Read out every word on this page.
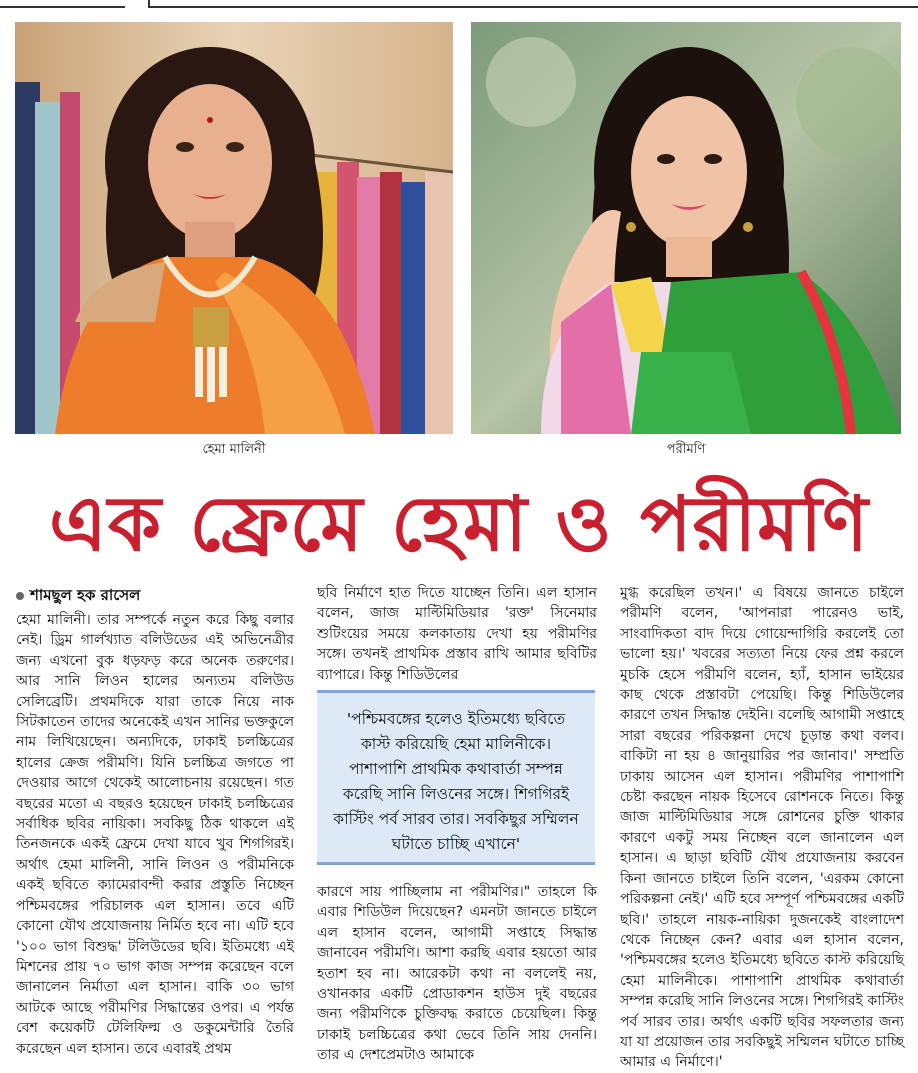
হেমা মালিনী	পরীমণি
এক ফ্রেমে হেমা ও পরীমণি
শামছুল হক রাসেল
হেমা মালিনী। তার সম্পর্কে নতুন করে কিছু বলার নেই। ড্রিম গার্লখ্যাত বলিউডের এই অভিনেত্রীর জন্য এখনো বুক ধড়ফড় করে অনেক তরুণের। আর সানি লিওন হালের অন্যতম বলিউড সেলিব্রেটি। প্রথমদিকে যারা তাকে নিয়ে নাক সিটকাতেন তাদের অনেকেই এখন সানির ভক্তকুলে নাম লিখিয়েছেন। অন্যদিকে, ঢাকাই চলচ্চিত্রের হালের ক্রেজ পরীমণি। যিনি চলচ্চিত্র জগতে পা দেওয়ার আগে থেকেই আলোচনায় রয়েছেন। গত বছরের মতো এ বছরও হয়েছেন ঢাকাই চলচ্চিত্রের সর্বাধিক ছবির নায়িকা। সবকিছু ঠিক থাকলে এই তিনজনকে একই ফ্রেমে দেখা যাবে খুব শিগগিরই। অর্থাৎ হেমা মালিনী, সানি লিওন ও পরীমনিকে একই ছবিতে ক্যামেরাবন্দী করার প্রস্তুতি নিচ্ছেন পশ্চিমবঙ্গের পরিচালক এল হাসান। তবে এটি কোনো যৌথ প্রযোজনায় নির্মিত হবে না। এটি হবে '১০০ ভাগ বিশুদ্ধ' টলিউডের ছবি। ইতিমধ্যে এই মিশনের প্রায় ৭০ ভাগ কাজ সম্পন্ন করেছেন বলে জানালেন নির্মাতা এল হাসান। বাকি ৩০ ভাগ আটকে আছে পরীমণির সিদ্ধান্তের ওপর। এ পর্যন্ত বেশ কয়েকটি টেলিফিল্ম ও ডকুমেন্টারি তৈরি করেছেন এল হাসান। তবে এবারই প্রথম
ছবি নির্মাণে হাত দিতে যাচ্ছেন তিনি। এল হাসান বলেন, জাজ মাল্টিমিডিয়ার 'রক্ত' সিনেমার শুটিংয়ের সময়ে কলকাতায় দেখা হয় পরীমণির সঙ্গে। তখনই প্রাথমিক প্রস্তাব রাখি আমার ছবিটির ব্যাপারে। কিন্তু শিডিউলের
'পশ্চিমবঙ্গের হলেও ইতিমধ্যে ছবিতে কাস্ট করিয়েছি হেমা মালিনীকে। পাশাপাশি প্রাথমিক কথাবার্তা সম্পন্ন করেছি সানি লিওনের সঙ্গে। শিগগিরই কাস্টিং পর্ব সারব তার। সবকিছুর সম্মিলন ঘটাতে চাচ্ছি এখানে'
কারণে সায় পাচ্ছিলাম না পরীমণির।" তাহলে কি এবার শিডিউল দিয়েছেন? এমনটা জানতে চাইলে এল হাসান বলেন, আগামী সপ্তাহে সিদ্ধান্ত জানাবেন পরীমণি। আশা করছি এবার হয়তো আর হতাশ হব না। আরেকটা কথা না বললেই নয়, ওখানকার একটি প্রোডাকশন হাউস দুই বছরের জন্য পরীমণিকে চুক্তিবদ্ধ করাতে চেয়েছিল। কিন্তু ঢাকাই চলচ্চিত্রের কথা ভেবে তিনি সায় দেননি। তার এ দেশপ্রেমটাও আমাকে
মুগ্ধ করেছিল তখন।' এ বিষয়ে জানতে চাইলে পরীমণি বলেন, 'আপনারা পারেনও ভাই, সাংবাদিকতা বাদ দিয়ে গোয়েন্দাগিরি করলেই তো ভালো হয়।' খবরের সত্যতা নিয়ে ফের প্রশ্ন করলে মুচকি হেসে পরীমণি বলেন, হ্যাঁ, হাসান ভাইয়ের কাছ থেকে প্রস্তাবটা পেয়েছি। কিন্তু শিডিউলের কারণে তখন সিদ্ধান্ত দেইনি। বলেছি আগামী সপ্তাহে সারা বছরের পরিকল্পনা দেখে চূড়ান্ত কথা বলব। বাকিটা না হয় ৪ জানুয়ারির পর জানাব।' সম্প্রতি ঢাকায় আসেন এল হাসান। পরীমণির পাশাপাশি চেষ্টা করছেন নায়ক হিসেবে রোশনকে নিতে। কিন্তু জাজ মাল্টিমিডিয়ার সঙ্গে রোশনের চুক্তি থাকার কারণে একটু সময় নিচ্ছেন বলে জানালেন এল হাসান। এ ছাড়া ছবিটি যৌথ প্রযোজনায় করবেন কিনা জানতে চাইলে তিনি বলেন, 'এরকম কোনো পরিকল্পনা নেই।' এটি হবে সম্পূর্ণ পশ্চিমবঙ্গের একটি ছবি।' তাহলে নায়ক-নায়িকা দুজনকেই বাংলাদেশ থেকে নিচ্ছেন কেন? এবার এল হাসান বলেন, 'পশ্চিমবঙ্গের হলেও ইতিমধ্যে ছবিতে কাস্ট করিয়েছি হেমা মালিনীকে। পাশাপাশি প্রাথমিক কথাবার্তা সম্পন্ন করেছি সানি লিওনের সঙ্গে। শিগগিরই কাস্টিং পর্ব সারব তার। অর্থাৎ একটি ছবির সফলতার জন্য যা যা প্রয়োজন তার সবকিছুই সম্মিলন ঘটাতে চাচ্ছি আমার এ নির্মাণে।'
